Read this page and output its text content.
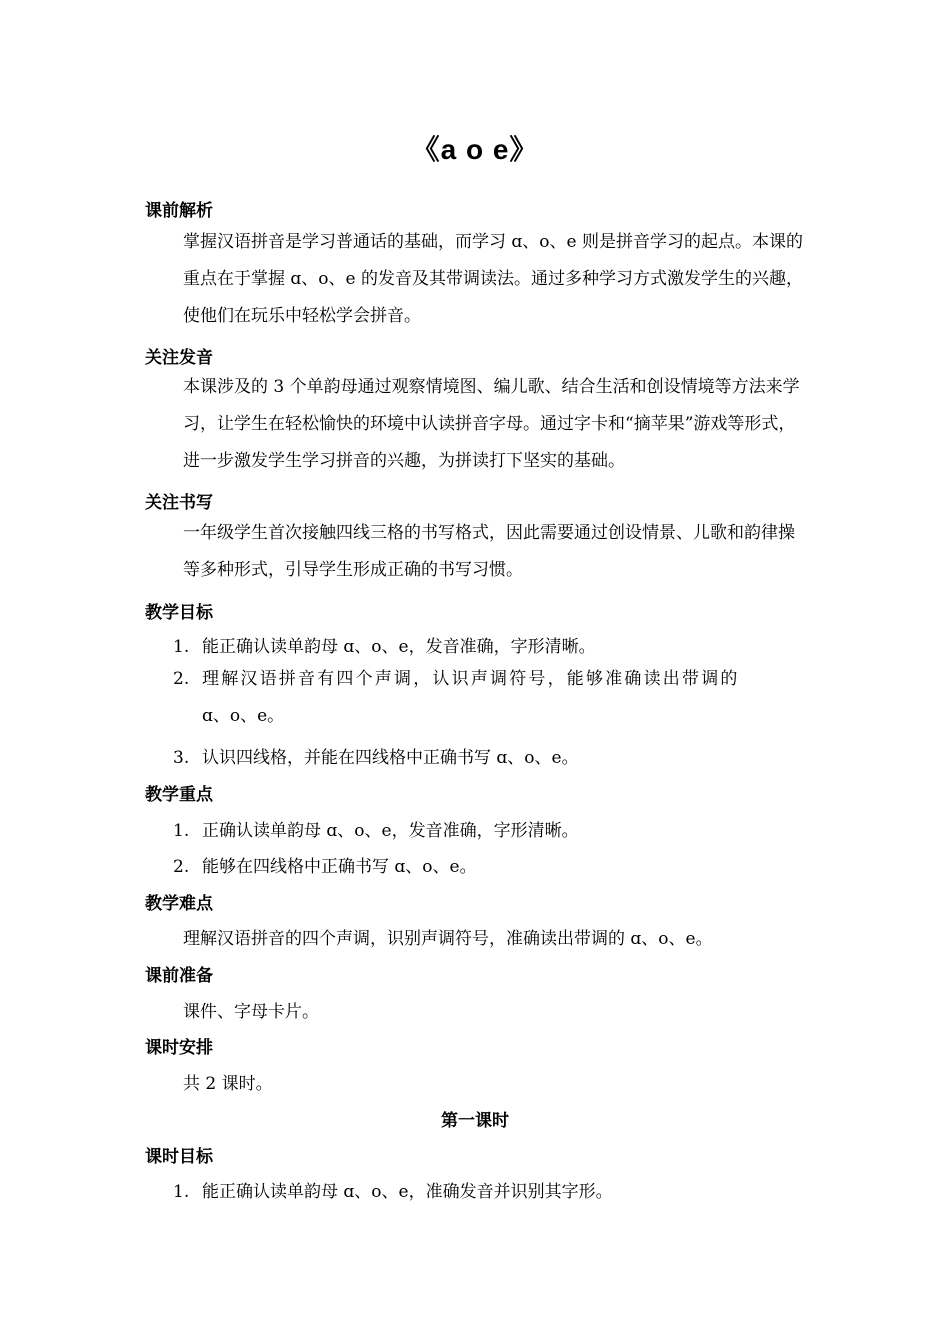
《a o e》
课前解析
掌握汉语拼音是学习普通话的基础，而学习 ɑ、o、e 则是拼音学习的起点。本课的重点在于掌握 ɑ、o、e 的发音及其带调读法。通过多种学习方式激发学生的兴趣，使他们在玩乐中轻松学会拼音。
关注发音
本课涉及的 3 个单韵母通过观察情境图、编儿歌、结合生活和创设情境等方法来学习，让学生在轻松愉快的环境中认读拼音字母。通过字卡和“摘苹果”游戏等形式，进一步激发学生学习拼音的兴趣，为拼读打下坚实的基础。
关注书写
一年级学生首次接触四线三格的书写格式，因此需要通过创设情景、儿歌和韵律操等多种形式，引导学生形成正确的书写习惯。
教学目标
1. 能正确认读单韵母 ɑ、o、e，发音准确，字形清晰。
2. 理解汉语拼音有四个声调，认识声调符号，能够准确读出带调的
ɑ、o、e。
3. 认识四线格，并能在四线格中正确书写 ɑ、o、e。
教学重点
1. 正确认读单韵母 ɑ、o、e，发音准确，字形清晰。
2. 能够在四线格中正确书写 ɑ、o、e。
教学难点
理解汉语拼音的四个声调，识别声调符号，准确读出带调的 ɑ、o、e。
课前准备
课件、字母卡片。
课时安排
共 2 课时。
第一课时
课时目标
1. 能正确认读单韵母 ɑ、o、e，准确发音并识别其字形。
